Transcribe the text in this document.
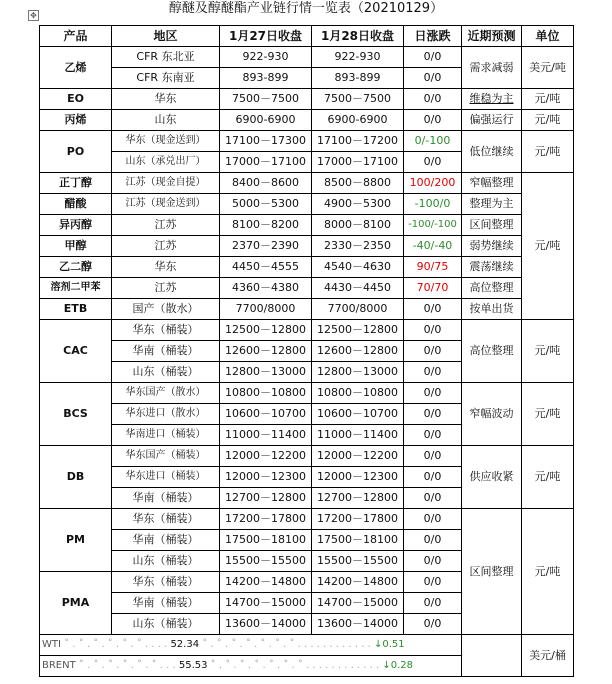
✥	醇醚及醇醚酯产业链行情一览表（20210129）
产品	地区	1月27日收盘	1月28日收盘	日涨跌	近期预测	单位
乙烯	CFR 东北亚	922-930	922-930	0/0	需求减弱	美元/吨
	CFR 东南亚	893-899	893-899	0/0		
EO	华东	7500－7500	7500－7500	0/0	维稳为主	元/吨
丙烯	山东	6900-6900	6900-6900	0/0	偏强运行	元/吨
PO	华东（现金送到）	17100－17300	17100－17200	0/-100	低位继续	元/吨
	山东（承兑出厂）	17000－17100	17000－17100	0/0		
正丁醇	江苏（现金自提）	8400－8600	8500－8800	100/200	窄幅整理	元/吨
醋酸	江苏（现金送到）	5000－5300	4900－5300	-100/0	整理为主	
异丙醇	江苏	8100－8200	8000－8100	-100/-100	区间整理	
甲醇	江苏	2370－2390	2330－2350	-40/-40	弱势继续	
乙二醇	华东	4450－4555	4540－4630	90/75	震荡继续	
溶剂二甲苯	江苏	4360－4380	4430－4450	70/70	高位整理	
ETB	国产（散水）	7700/8000	7700/8000	0/0	按单出货	
CAC	华东（桶装）	12500－12800	12500－12800	0/0	高位整理	元/吨
	华南（桶装）	12600－12800	12600－12800	0/0		
	山东（桶装）	12800－13000	12800－13000	0/0		
BCS	华东国产（散水）	10800－10800	10800－10800	0/0	窄幅波动	元/吨
	华东进口（散水）	10600－10700	10600－10700	0/0		
	华南进口（桶装）	11000－11400	11000－11400	0/0		
DB	华东国产（桶装）	12000－12200	12000－12200	0/0	供应收紧	元/吨
	华东进口（桶装）	12000－12300	12000－12300	0/0		
	华南（桶装）	12700－12800	12700－12800	0/0		
PM	华东（桶装）	17200－17800	17200－17800	0/0	区间整理	元/吨
	华南（桶装）	17500－18100	17500－18100	0/0		
	山东（桶装）	15500－15500	15500－15500	0/0		
PMA	华东（桶装）	14200－14800	14200－14800	0/0		
	华南（桶装）	14700－15000	14700－15000	0/0		
	山东（桶装）	13600－14000	13600－14000	0/0		
WTI ˚ . ˚ . ˚ . ˚ . ˚ . ˚ . . . . 52.34 ˚ . ˚ . ˚ . ˚ . ˚ . ˚ . ˚ . . . . . . . . . . . . ↓0.51						美元/桶
BRENT ˚ . ˚ . ˚ . ˚ . ˚ . ˚ . . . 55.53 ˚ . ˚ . ˚ . ˚ . ˚ . ˚ . ˚ . . . . . . . . . . . . ↓0.28						
